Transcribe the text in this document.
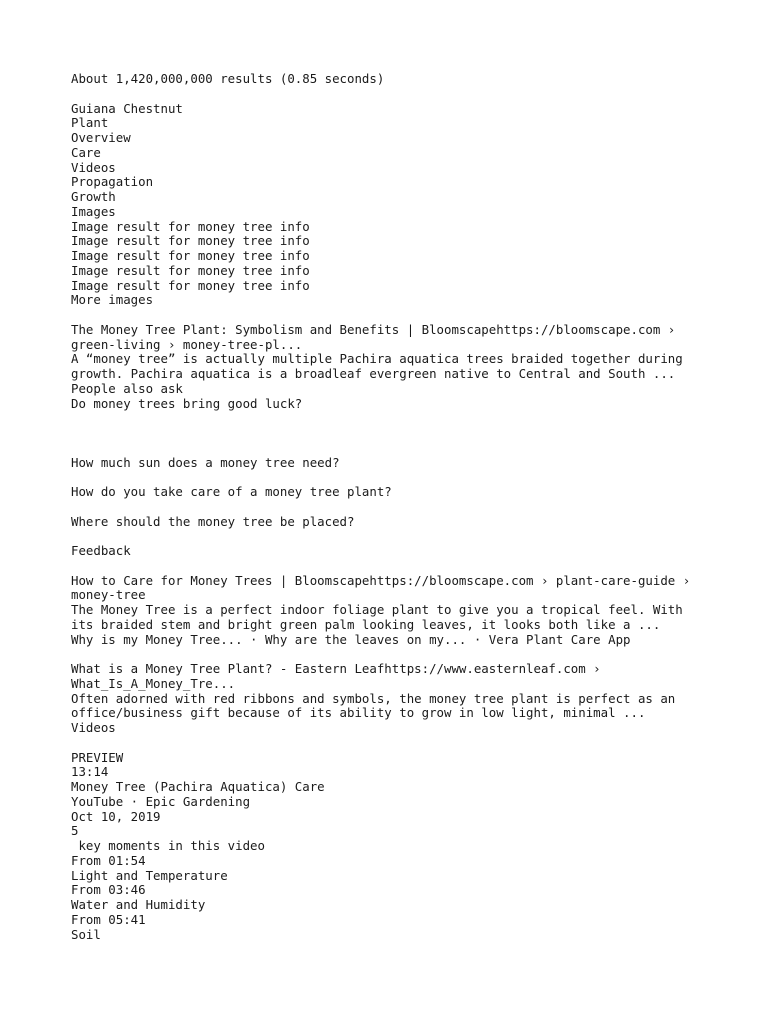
About 1,420,000,000 results (0.85 seconds)
Guiana Chestnut
Plant
Overview
Care
Videos
Propagation
Growth
Images
Image result for money tree info
Image result for money tree info
Image result for money tree info
Image result for money tree info
Image result for money tree info
More images
The Money Tree Plant: Symbolism and Benefits | Bloomscapehttps://bloomscape.com › green-living › money-tree-pl...
A “money tree” is actually multiple Pachira aquatica trees braided together during growth. Pachira aquatica is a broadleaf evergreen native to Central and South ...
People also ask
Do money trees bring good luck?
How much sun does a money tree need?
How do you take care of a money tree plant?
Where should the money tree be placed?
Feedback
How to Care for Money Trees | Bloomscapehttps://bloomscape.com › plant-care-guide › money-tree
The Money Tree is a perfect indoor foliage plant to give you a tropical feel. With its braided stem and bright green palm looking leaves, it looks both like a ...
Why is my Money Tree... · Why are the leaves on my... · Vera Plant Care App
What is a Money Tree Plant? - Eastern Leafhttps://www.easternleaf.com › What_Is_A_Money_Tre...
Often adorned with red ribbons and symbols, the money tree plant is perfect as an office/business gift because of its ability to grow in low light, minimal ...
Videos
PREVIEW
13:14
Money Tree (Pachira Aquatica) Care
YouTube · Epic Gardening
Oct 10, 2019
5
key moments in this video
From 01:54
Light and Temperature
From 03:46
Water and Humidity
From 05:41
Soil
